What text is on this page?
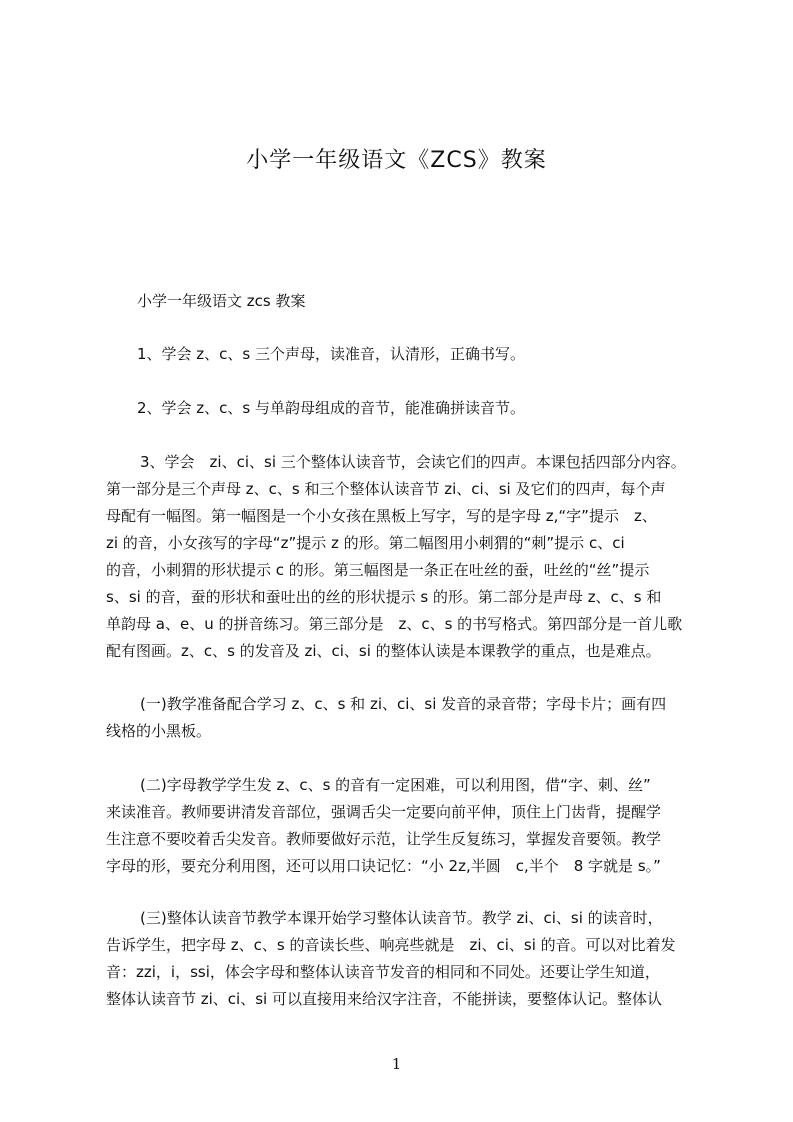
小学一年级语文《ZCS》教案
小学一年级语文 zcs 教案
1、学会 z、c、s 三个声母，读准音，认清形，正确书写。
2、学会 z、c、s 与单韵母组成的音节，能准确拼读音节。
3、学会　zi、ci、si 三个整体认读音节，会读它们的四声。本课包括四部分内容。
第一部分是三个声母 z、c、s 和三个整体认读音节 zi、ci、si 及它们的四声，每个声
母配有一幅图。第一幅图是一个小女孩在黑板上写字，写的是字母 z,“字”提示　z、
zi 的音，小女孩写的字母“z”提示 z 的形。第二幅图用小刺猬的“刺”提示 c、ci
的音，小刺猬的形状提示 c 的形。第三幅图是一条正在吐丝的蚕，吐丝的“丝”提示
s、si 的音，蚕的形状和蚕吐出的丝的形状提示 s 的形。第二部分是声母 z、c、s 和
单韵母 a、e、u 的拼音练习。第三部分是　z、c、s 的书写格式。第四部分是一首儿歌
配有图画。z、c、s 的发音及 zi、ci、si 的整体认读是本课教学的重点，也是难点。
(一)教学准备配合学习 z、c、s 和 zi、ci、si 发音的录音带；字母卡片；画有四
线格的小黑板。
(二)字母教学学生发 z、c、s 的音有一定困难，可以利用图，借“字、刺、丝”
来读准音。教师要讲清发音部位，强调舌尖一定要向前平伸，顶住上门齿背，提醒学
生注意不要咬着舌尖发音。教师要做好示范，让学生反复练习，掌握发音要领。教学
字母的形，要充分利用图，还可以用口诀记忆：“小 2z,半圆　c,半个　8 字就是 s。”
(三)整体认读音节教学本课开始学习整体认读音节。教学 zi、ci、si 的读音时，
告诉学生，把字母 z、c、s 的音读长些、响亮些就是　zi、ci、si 的音。可以对比着发
音：zzi，i，ssi，体会字母和整体认读音节发音的相同和不同处。还要让学生知道，
整体认读音节 zi、ci、si 可以直接用来给汉字注音，不能拼读，要整体认记。整体认
1
